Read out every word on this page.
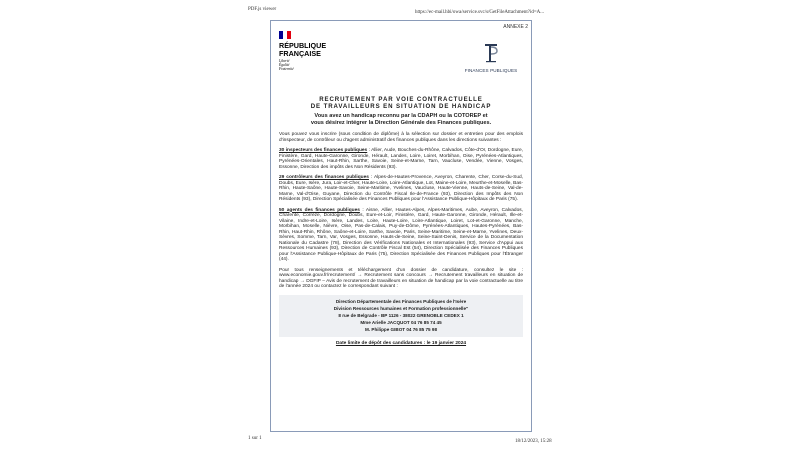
PDF.js viewer
https://ec-mail.hbi/owa/service.svc/s/GetFileAttachment?id=A...
ANNEXE 2
RÉPUBLIQUE
FRANÇAISE
Liberté
Égalité
Fraternité	FINANCES PUBLIQUES
RECRUTEMENT PAR VOIE CONTRACTUELLE
DE TRAVAILLEURS EN SITUATION DE HANDICAP
Vous avez un handicap reconnu par la CDAPH ou la COTOREP et
vous désirez intégrer la Direction Générale des Finances publiques.

Vous pouvez vous inscrire (sous condition de diplôme) à la sélection sur dossier et entretien pour des emplois d'inspecteur, de contrôleur ou d'agent administratif des finances publiques dans les directions suivantes :

30 inspecteurs des finances publiques : Allier, Aude, Bouches-du-Rhône, Calvados, Côte-d'Or, Dordogne, Eure, Finistère, Gard, Haute-Garonne, Gironde, Hérault, Landes, Loire, Loiret, Morbihan, Oise, Pyrénées-Atlantiques, Pyrénées-Orientales, Haut-Rhin, Sarthe, Savoie, Seine-et-Marne, Tarn, Vaucluse, Vendée, Vienne, Vosges, Essonne, Direction des impôts des Non Résidents (93).

29 contrôleurs des finances publiques : Alpes-de-Hautes-Provence, Aveyron, Charente, Cher, Corse-du-Sud, Doubs, Eure, Isère, Jura, Loir-et-Cher, Haute-Loire, Loire-Atlantique, Lot, Maine-et-Loire, Meurthe-et-Moselle, Bas-Rhin, Haute-Saône, Haute-Savoie, Seine-Maritime, Yvelines, Vaucluse, Haute-Vienne, Hauts-de-Seine, Val-de-Marne, Val-d'Oise, Guyane, Direction du Contrôle Fiscal Ile-de-France (93), Direction des Impôts des Non Résidents (93), Direction Spécialisée des Finances Publiques pour l'Assistance Publique-Hôpitaux de Paris (75).

50 agents des finances publiques : Aisne, Allier, Hautes-Alpes, Alpes-Maritimes, Aube, Aveyron, Calvados, Charente, Corrèze, Dordogne, Doubs, Eure-et-Loir, Finistère, Gard, Haute-Garonne, Gironde, Hérault, Ille-et-Vilaine, Indre-et-Loire, Isère, Landes, Loire, Haute-Loire, Loire-Atlantique, Loiret, Lot-et-Garonne, Manche, Morbihan, Moselle, Nièvre, Oise, Pas-de-Calais, Puy-de-Dôme, Pyrénées-Atlantiques, Hautes-Pyrénées, Bas-Rhin, Haut-Rhin, Rhône, Saône-et-Loire, Sarthe, Savoie, Paris, Seine-Maritime, Seine-et-Marne, Yvelines, Deux-Sèvres, Somme, Tarn, Var, Vosges, Essonne, Hauts-de-Seine, Seine-Saint-Denis, Service de la Documentation Nationale du Cadastre (78), Direction des Vérifications Nationales et Internationales (93), Service d'Appui aux Ressources Humaines (93), Direction de Contrôle Fiscal Est (54), Direction Spécialisée des Finances Publiques pour l'Assistance Publique-Hôpitaux de Paris (75), Direction Spécialisée des Finances Publiques pour l'Étranger (44).

Pour tous renseignements et téléchargement d'un dossier de candidature, consultez le site : www.economie.gouv.fr/recrutement/ → Recrutement sans concours → Recrutement travailleurs en situation de handicap → DGFIP – Avis de recrutement de travailleurs en situation de handicap par la voie contractuelle au titre de l'année 2024 ou contactez le correspondant suivant :

Direction Départementale des Finances Publiques de l'Isère
Division Ressources humaines et Formation professionnelle"
8 rue de Belgrade - BP 1126 - 38022 GRENOBLE CEDEX 1
Mme Arielle JACQUOT 04 76 85 74 45
M. Philippe GIBOT 04 76 85 75 98
Date limite de dépôt des candidatures : le 19 janvier 2024
1 sur 1
18/12/2023, 15:28
